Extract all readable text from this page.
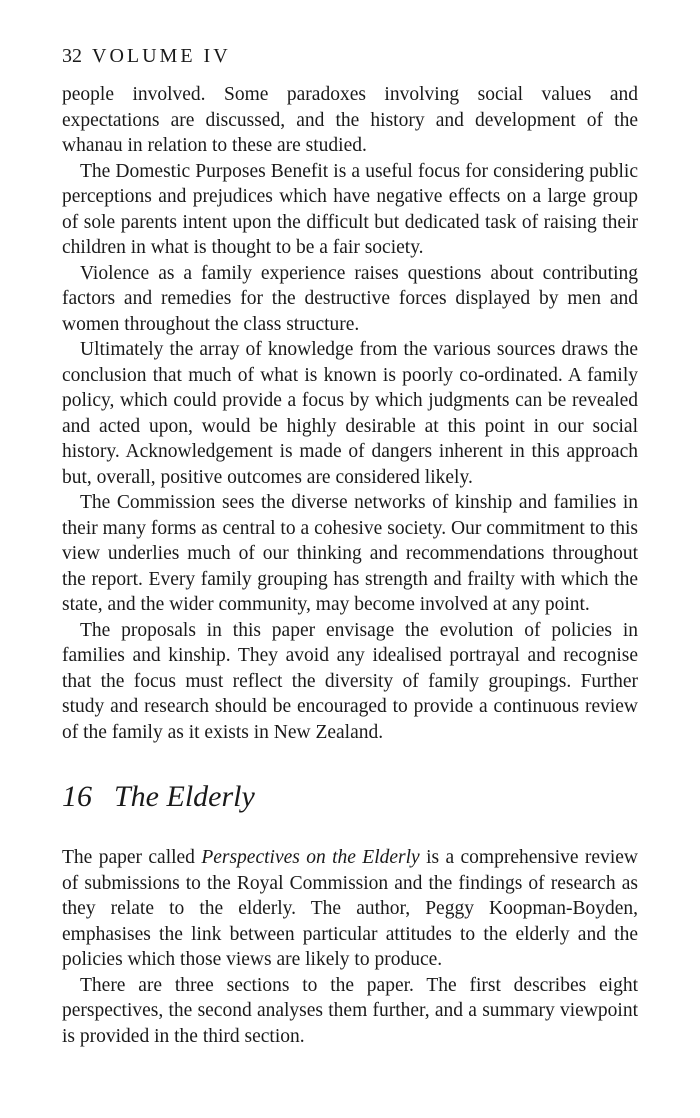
32 VOLUME IV

people involved. Some paradoxes involving social values and expectations are discussed, and the history and development of the whanau in relation to these are studied.

The Domestic Purposes Benefit is a useful focus for considering public perceptions and prejudices which have negative effects on a large group of sole parents intent upon the difficult but dedicated task of raising their children in what is thought to be a fair society.

Violence as a family experience raises questions about contributing factors and remedies for the destructive forces displayed by men and women throughout the class structure.

Ultimately the array of knowledge from the various sources draws the conclusion that much of what is known is poorly co-ordinated. A family policy, which could provide a focus by which judgments can be revealed and acted upon, would be highly desirable at this point in our social history. Acknowledgement is made of dangers inherent in this approach but, overall, positive outcomes are considered likely.

The Commission sees the diverse networks of kinship and families in their many forms as central to a cohesive society. Our commitment to this view underlies much of our thinking and recommendations throughout the report. Every family grouping has strength and frailty with which the state, and the wider community, may become involved at any point.

The proposals in this paper envisage the evolution of policies in families and kinship. They avoid any idealised portrayal and recognise that the focus must reflect the diversity of family groupings. Further study and research should be encouraged to provide a continuous review of the family as it exists in New Zealand.

16 The Elderly

The paper called Perspectives on the Elderly is a comprehensive review of submissions to the Royal Commission and the findings of research as they relate to the elderly. The author, Peggy Koopman-Boyden, emphasises the link between particular attitudes to the elderly and the policies which those views are likely to produce.

There are three sections to the paper. The first describes eight perspectives, the second analyses them further, and a summary viewpoint is provided in the third section.
